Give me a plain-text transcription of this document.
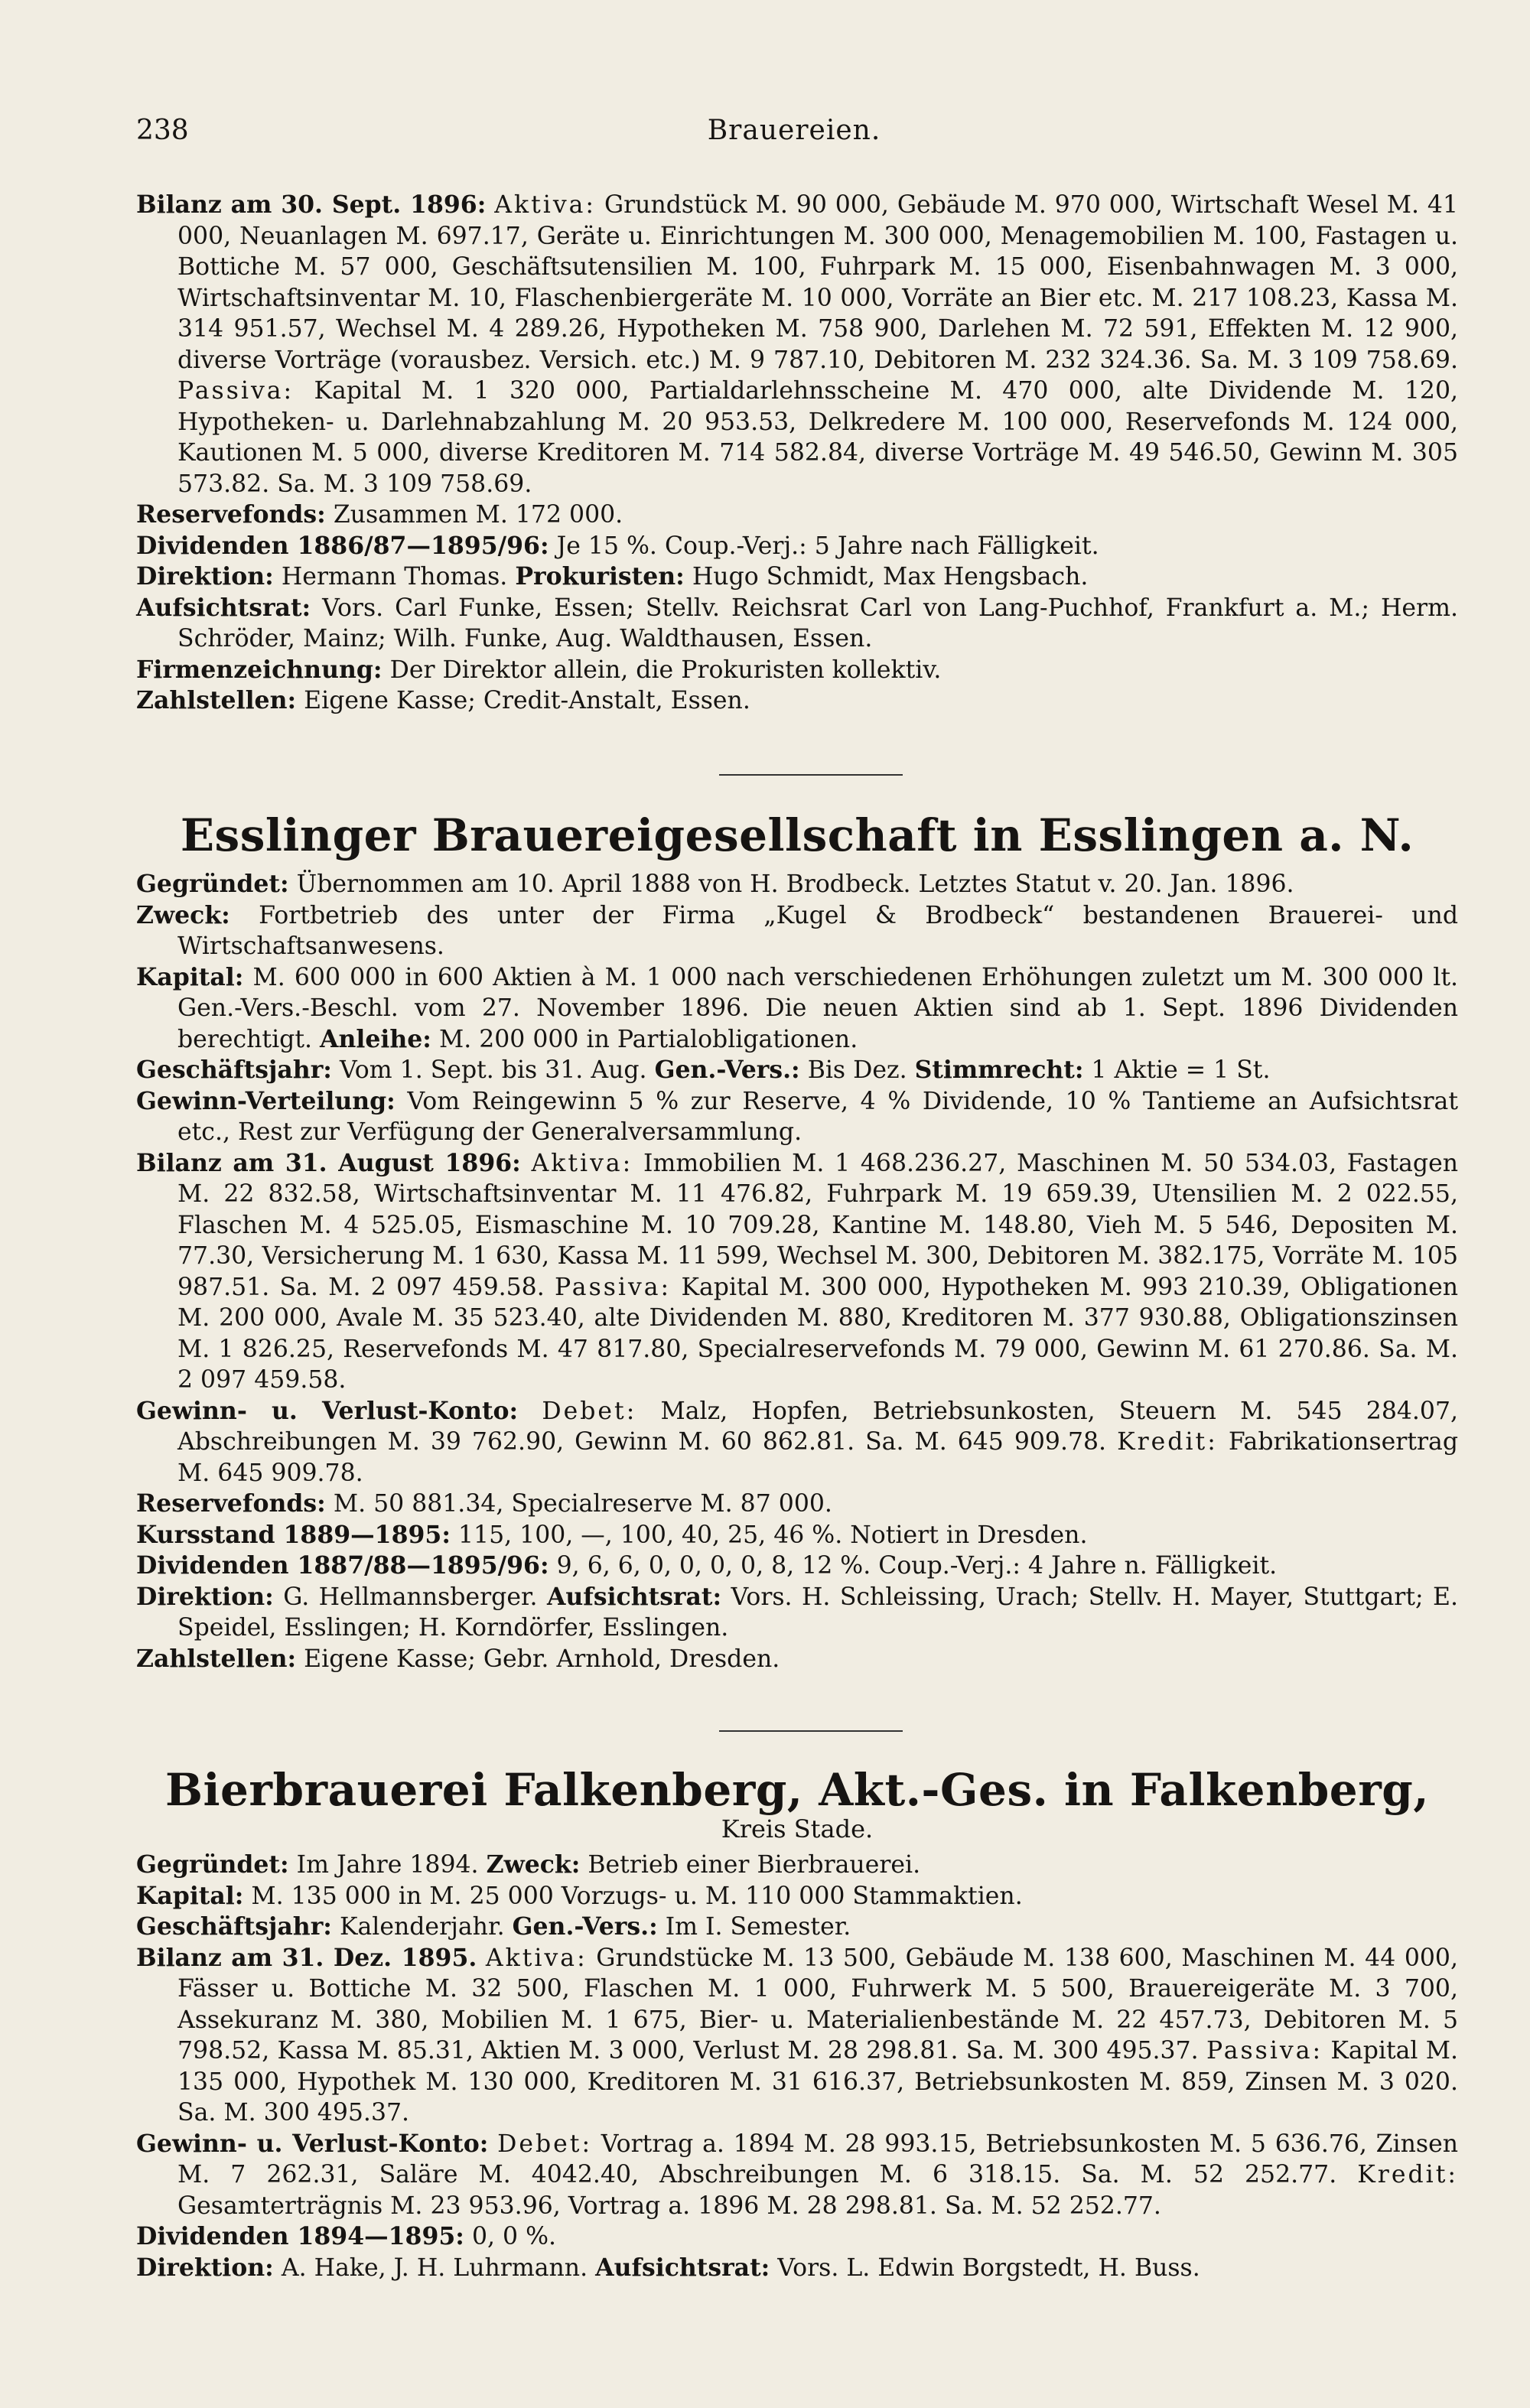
238	Brauereien.
Bilanz am 30. Sept. 1896: Aktiva: Grundstück M. 90 000, Gebäude M. 970 000, Wirtschaft Wesel M. 41 000, Neuanlagen M. 697.17, Geräte u. Einrichtungen M. 300 000, Menagemobilien M. 100, Fastagen u. Bottiche M. 57 000, Geschäftsutensilien M. 100, Fuhrpark M. 15 000, Eisenbahnwagen M. 3 000, Wirtschaftsinventar M. 10, Flaschenbiergeräte M. 10 000, Vorräte an Bier etc. M. 217 108.23, Kassa M. 314 951.57, Wechsel M. 4 289.26, Hypotheken M. 758 900, Darlehen M. 72 591, Effekten M. 12 900, diverse Vorträge (vorausbez. Versich. etc.) M. 9 787.10, Debitoren M. 232 324.36. Sa. M. 3 109 758.69. Passiva: Kapital M. 1 320 000, Partialdarlehnsscheine M. 470 000, alte Dividende M. 120, Hypotheken- u. Darlehnabzahlung M. 20 953.53, Delkredere M. 100 000, Reservefonds M. 124 000, Kautionen M. 5 000, diverse Kreditoren M. 714 582.84, diverse Vorträge M. 49 546.50, Gewinn M. 305 573.82. Sa. M. 3 109 758.69.
Reservefonds: Zusammen M. 172 000.
Dividenden 1886/87—1895/96: Je 15 %. Coup.-Verj.: 5 Jahre nach Fälligkeit.
Direktion: Hermann Thomas. Prokuristen: Hugo Schmidt, Max Hengsbach.
Aufsichtsrat: Vors. Carl Funke, Essen; Stellv. Reichsrat Carl von Lang-Puchhof, Frankfurt a. M.; Herm. Schröder, Mainz; Wilh. Funke, Aug. Waldthausen, Essen.
Firmenzeichnung: Der Direktor allein, die Prokuristen kollektiv.
Zahlstellen: Eigene Kasse; Credit-Anstalt, Essen.
Esslinger Brauereigesellschaft in Esslingen a. N.
Gegründet: Übernommen am 10. April 1888 von H. Brodbeck. Letztes Statut v. 20. Jan. 1896.
Zweck: Fortbetrieb des unter der Firma „Kugel & Brodbeck“ bestandenen Brauerei- und Wirtschaftsanwesens.
Kapital: M. 600 000 in 600 Aktien à M. 1 000 nach verschiedenen Erhöhungen zuletzt um M. 300 000 lt. Gen.-Vers.-Beschl. vom 27. November 1896. Die neuen Aktien sind ab 1. Sept. 1896 Dividenden berechtigt. Anleihe: M. 200 000 in Partialobligationen.
Geschäftsjahr: Vom 1. Sept. bis 31. Aug. Gen.-Vers.: Bis Dez. Stimmrecht: 1 Aktie = 1 St.
Gewinn-Verteilung: Vom Reingewinn 5 % zur Reserve, 4 % Dividende, 10 % Tantieme an Aufsichtsrat etc., Rest zur Verfügung der Generalversammlung.
Bilanz am 31. August 1896: Aktiva: Immobilien M. 1 468.236.27, Maschinen M. 50 534.03, Fastagen M. 22 832.58, Wirtschaftsinventar M. 11 476.82, Fuhrpark M. 19 659.39, Utensilien M. 2 022.55, Flaschen M. 4 525.05, Eismaschine M. 10 709.28, Kantine M. 148.80, Vieh M. 5 546, Depositen M. 77.30, Versicherung M. 1 630, Kassa M. 11 599, Wechsel M. 300, Debitoren M. 382.175, Vorräte M. 105 987.51. Sa. M. 2 097 459.58. Passiva: Kapital M. 300 000, Hypotheken M. 993 210.39, Obligationen M. 200 000, Avale M. 35 523.40, alte Dividenden M. 880, Kreditoren M. 377 930.88, Obligationszinsen M. 1 826.25, Reservefonds M. 47 817.80, Specialreservefonds M. 79 000, Gewinn M. 61 270.86. Sa. M. 2 097 459.58.
Gewinn- u. Verlust-Konto: Debet: Malz, Hopfen, Betriebsunkosten, Steuern M. 545 284.07, Abschreibungen M. 39 762.90, Gewinn M. 60 862.81. Sa. M. 645 909.78. Kredit: Fabrikationsertrag M. 645 909.78.
Reservefonds: M. 50 881.34, Specialreserve M. 87 000.
Kursstand 1889—1895: 115, 100, —, 100, 40, 25, 46 %. Notiert in Dresden.
Dividenden 1887/88—1895/96: 9, 6, 6, 0, 0, 0, 0, 8, 12 %. Coup.-Verj.: 4 Jahre n. Fälligkeit.
Direktion: G. Hellmannsberger. Aufsichtsrat: Vors. H. Schleissing, Urach; Stellv. H. Mayer, Stuttgart; E. Speidel, Esslingen; H. Korndörfer, Esslingen.
Zahlstellen: Eigene Kasse; Gebr. Arnhold, Dresden.
Bierbrauerei Falkenberg, Akt.-Ges. in Falkenberg,
Kreis Stade.
Gegründet: Im Jahre 1894. Zweck: Betrieb einer Bierbrauerei.
Kapital: M. 135 000 in M. 25 000 Vorzugs- u. M. 110 000 Stammaktien.
Geschäftsjahr: Kalenderjahr. Gen.-Vers.: Im I. Semester.
Bilanz am 31. Dez. 1895. Aktiva: Grundstücke M. 13 500, Gebäude M. 138 600, Maschinen M. 44 000, Fässer u. Bottiche M. 32 500, Flaschen M. 1 000, Fuhrwerk M. 5 500, Brauereigeräte M. 3 700, Assekuranz M. 380, Mobilien M. 1 675, Bier- u. Materialienbestände M. 22 457.73, Debitoren M. 5 798.52, Kassa M. 85.31, Aktien M. 3 000, Verlust M. 28 298.81. Sa. M. 300 495.37. Passiva: Kapital M. 135 000, Hypothek M. 130 000, Kreditoren M. 31 616.37, Betriebsunkosten M. 859, Zinsen M. 3 020. Sa. M. 300 495.37.
Gewinn- u. Verlust-Konto: Debet: Vortrag a. 1894 M. 28 993.15, Betriebsunkosten M. 5 636.76, Zinsen M. 7 262.31, Saläre M. 4042.40, Abschreibungen M. 6 318.15. Sa. M. 52 252.77. Kredit: Gesamterträgnis M. 23 953.96, Vortrag a. 1896 M. 28 298.81. Sa. M. 52 252.77.
Dividenden 1894—1895: 0, 0 %.
Direktion: A. Hake, J. H. Luhrmann. Aufsichtsrat: Vors. L. Edwin Borgstedt, H. Buss.
